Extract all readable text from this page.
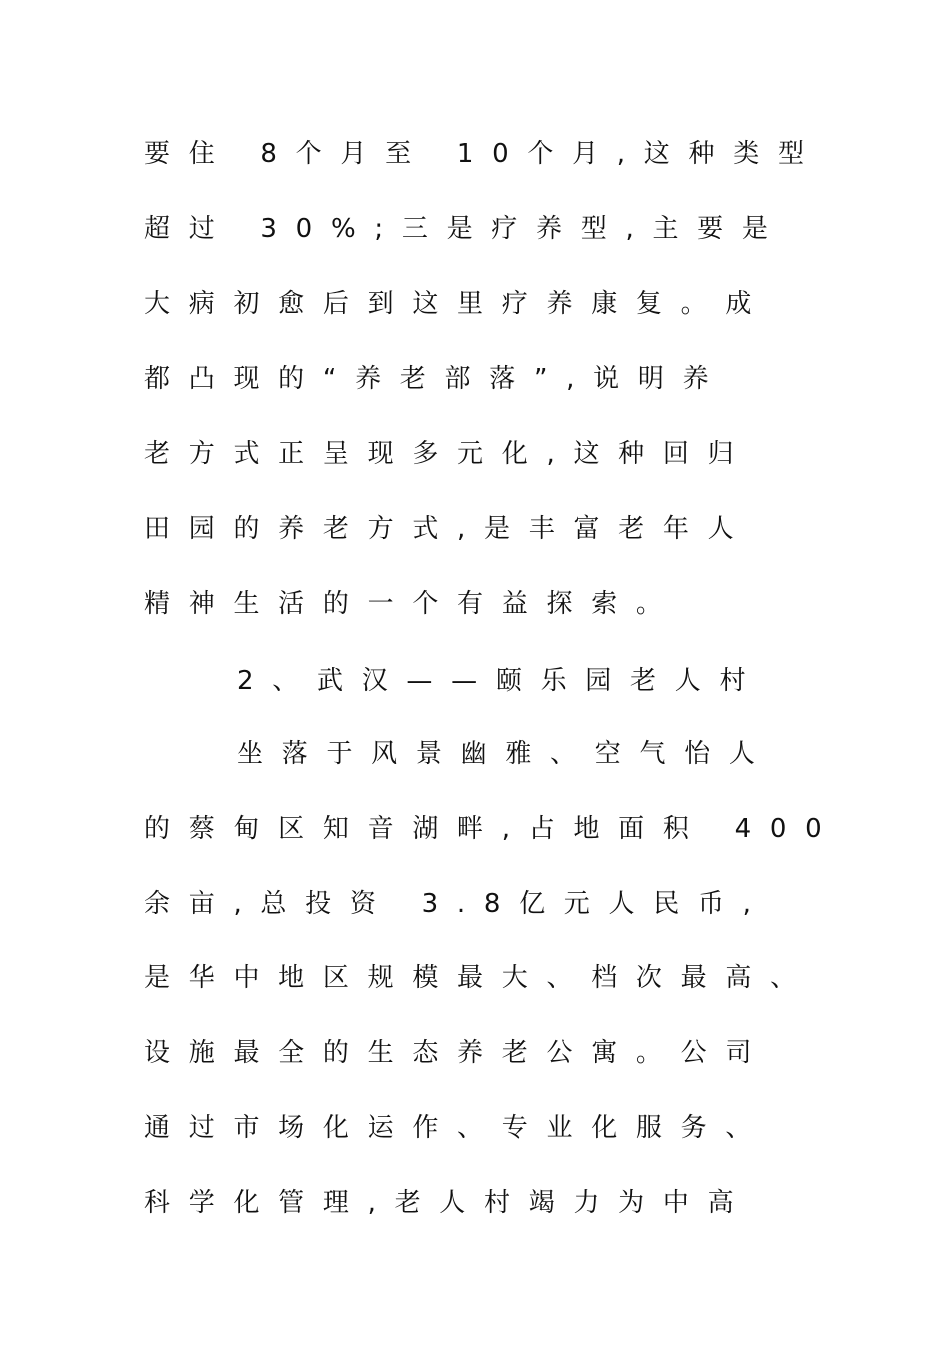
要住 8个月至 10个月,这种类型

超过 30%;三是疗养型,主要是

大病初愈后到这里疗养康复。成

都凸现的“养老部落”,说明养

老方式正呈现多元化,这种回归

田园的养老方式,是丰富老年人

精神生活的一个有益探索。

2、武汉——颐乐园老人村

坐落于风景幽雅、空气怡人

的蔡甸区知音湖畔,占地面积 400

余亩,总投资 3.8亿元人民币,

是华中地区规模最大、档次最高、

设施最全的生态养老公寓。公司

通过市场化运作、专业化服务、

科学化管理,老人村竭力为中高
